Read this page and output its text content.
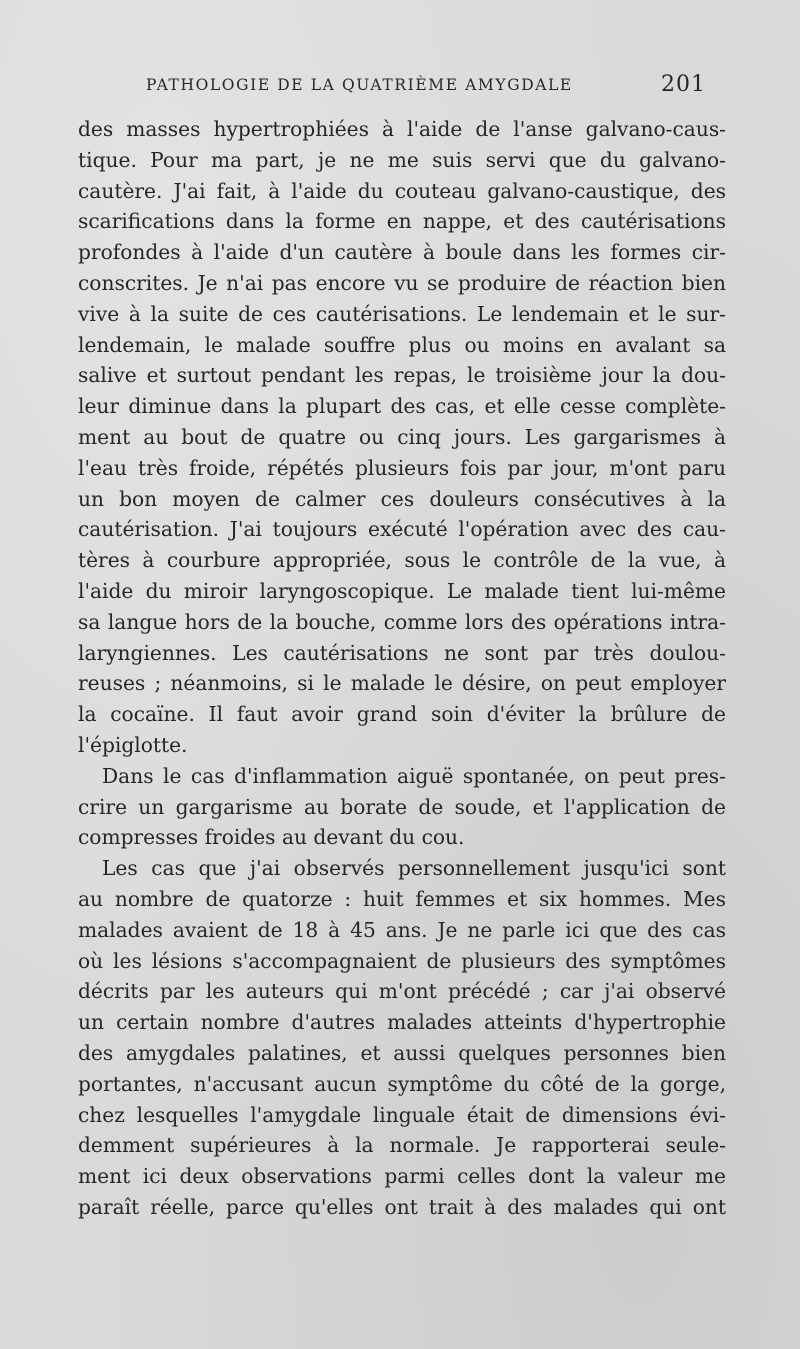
PATHOLOGIE DE LA QUATRIÈME AMYGDALE	201
des masses hypertrophiées à l'aide de l'anse galvano-caus-
tique. Pour ma part, je ne me suis servi que du galvano-
cautère. J'ai fait, à l'aide du couteau galvano-caustique, des
scarifications dans la forme en nappe, et des cautérisations
profondes à l'aide d'un cautère à boule dans les formes cir-
conscrites. Je n'ai pas encore vu se produire de réaction bien
vive à la suite de ces cautérisations. Le lendemain et le sur-
lendemain, le malade souffre plus ou moins en avalant sa
salive et surtout pendant les repas, le troisième jour la dou-
leur diminue dans la plupart des cas, et elle cesse complète-
ment au bout de quatre ou cinq jours. Les gargarismes à
l'eau très froide, répétés plusieurs fois par jour, m'ont paru
un bon moyen de calmer ces douleurs consécutives à la
cautérisation. J'ai toujours exécuté l'opération avec des cau-
tères à courbure appropriée, sous le contrôle de la vue, à
l'aide du miroir laryngoscopique. Le malade tient lui-même
sa langue hors de la bouche, comme lors des opérations intra-
laryngiennes. Les cautérisations ne sont par très doulou-
reuses ; néanmoins, si le malade le désire, on peut employer
la cocaïne. Il faut avoir grand soin d'éviter la brûlure de
l'épiglotte.
Dans le cas d'inflammation aiguë spontanée, on peut pres-
crire un gargarisme au borate de soude, et l'application de
compresses froides au devant du cou.
Les cas que j'ai observés personnellement jusqu'ici sont
au nombre de quatorze : huit femmes et six hommes. Mes
malades avaient de 18 à 45 ans. Je ne parle ici que des cas
où les lésions s'accompagnaient de plusieurs des symptômes
décrits par les auteurs qui m'ont précédé ; car j'ai observé
un certain nombre d'autres malades atteints d'hypertrophie
des amygdales palatines, et aussi quelques personnes bien
portantes, n'accusant aucun symptôme du côté de la gorge,
chez lesquelles l'amygdale linguale était de dimensions évi-
demment supérieures à la normale. Je rapporterai seule-
ment ici deux observations parmi celles dont la valeur me
paraît réelle, parce qu'elles ont trait à des malades qui ont
